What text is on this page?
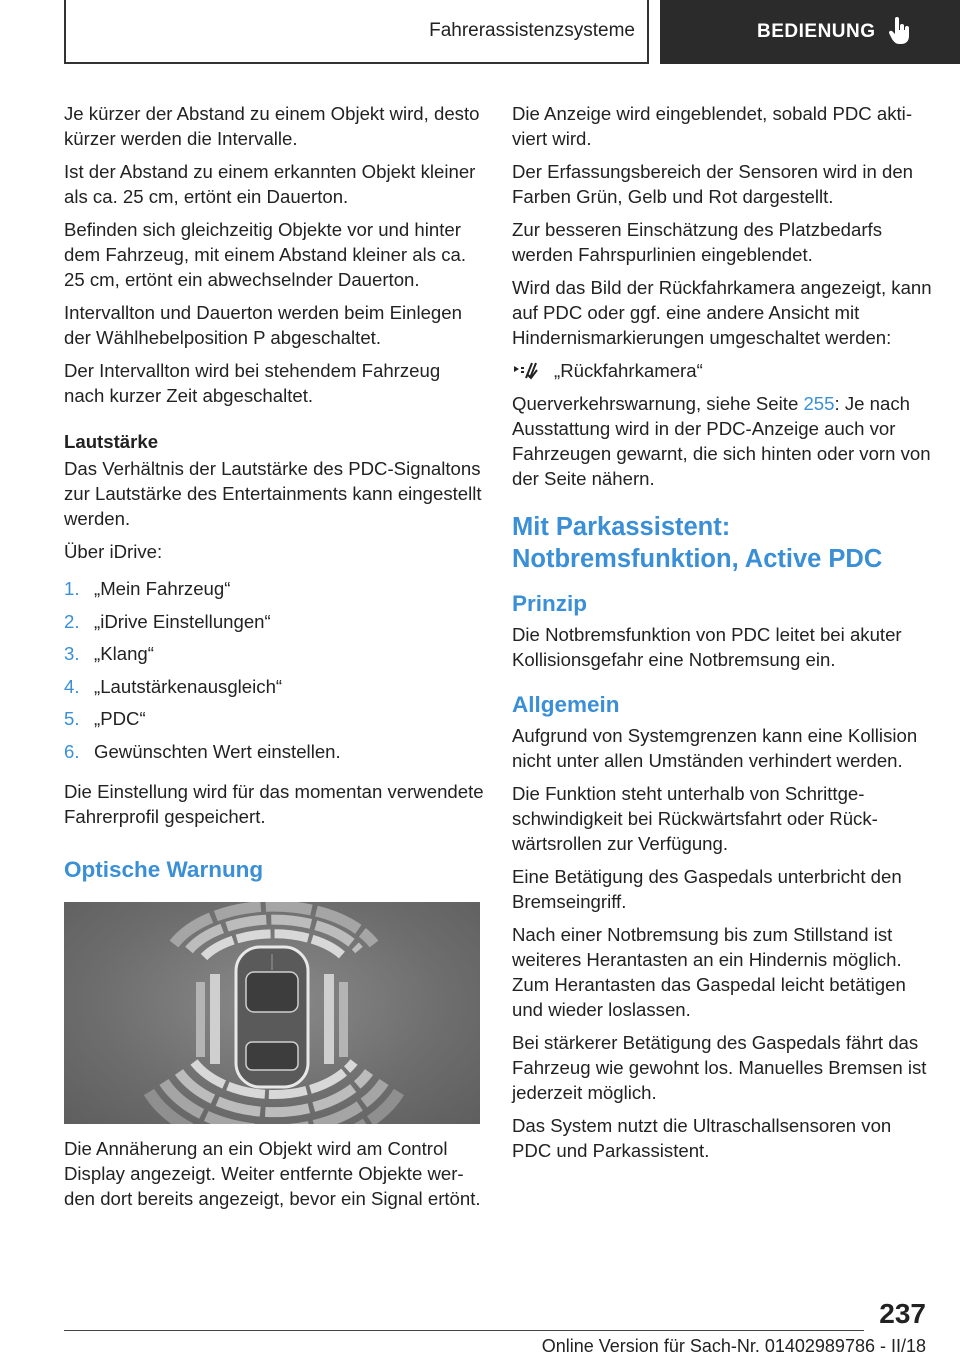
Fahrerassistenzsysteme	BEDIENUNG

Je kürzer der Abstand zu einem Objekt wird, desto kürzer werden die Intervalle.

Ist der Abstand zu einem erkannten Objekt kleiner als ca. 25 cm, ertönt ein Dauerton.

Befinden sich gleichzeitig Objekte vor und hinter dem Fahrzeug, mit einem Abstand kleiner als ca. 25 cm, ertönt ein abwechselnder Dauerton.

Intervallton und Dauerton werden beim Einlegen der Wählhebelposition P abgeschaltet.

Der Intervallton wird bei stehendem Fahrzeug nach kurzer Zeit abgeschaltet.

Lautstärke

Das Verhältnis der Lautstärke des PDC-Signaltons zur Lautstärke des Entertainments kann eingestellt werden.

Über iDrive:

1. „Mein Fahrzeug“
2. „iDrive Einstellungen“
3. „Klang“
4. „Lautstärkenausgleich“
5. „PDC“
6. Gewünschten Wert einstellen.

Die Einstellung wird für das momentan verwendete Fahrerprofil gespeichert.

Optische Warnung

Die Annäherung an ein Objekt wird am Control Display angezeigt. Weiter entfernte Objekte werden dort bereits angezeigt, bevor ein Signal ertönt.

Die Anzeige wird eingeblendet, sobald PDC aktiviert wird.

Der Erfassungsbereich der Sensoren wird in den Farben Grün, Gelb und Rot dargestellt.

Zur besseren Einschätzung des Platzbedarfs werden Fahrspurlinien eingeblendet.

Wird das Bild der Rückfahrkamera angezeigt, kann auf PDC oder ggf. eine andere Ansicht mit Hindernismarkierungen umgeschaltet werden:

„Rückfahrkamera“

Querverkehrswarnung, siehe Seite 255: Je nach Ausstattung wird in der PDC-Anzeige auch vor Fahrzeugen gewarnt, die sich hinten oder vorn von der Seite nähern.

Mit Parkassistent: Notbremsfunktion, Active PDC
Prinzip

Die Notbremsfunktion von PDC leitet bei akuter Kollisionsgefahr eine Notbremsung ein.

Allgemein

Aufgrund von Systemgrenzen kann eine Kollision nicht unter allen Umständen verhindert werden.

Die Funktion steht unterhalb von Schrittgeschwindigkeit bei Rückwärtsfahrt oder Rückwärtsrollen zur Verfügung.

Eine Betätigung des Gaspedals unterbricht den Bremseingriff.

Nach einer Notbremsung bis zum Stillstand ist weiteres Herantasten an ein Hindernis möglich. Zum Herantasten das Gaspedal leicht betätigen und wieder loslassen.

Bei stärkerer Betätigung des Gaspedals fährt das Fahrzeug wie gewohnt los. Manuelles Bremsen ist jederzeit möglich.

Das System nutzt die Ultraschallsensoren von PDC und Parkassistent.

237
Online Version für Sach-Nr. 01402989786 - II/18
